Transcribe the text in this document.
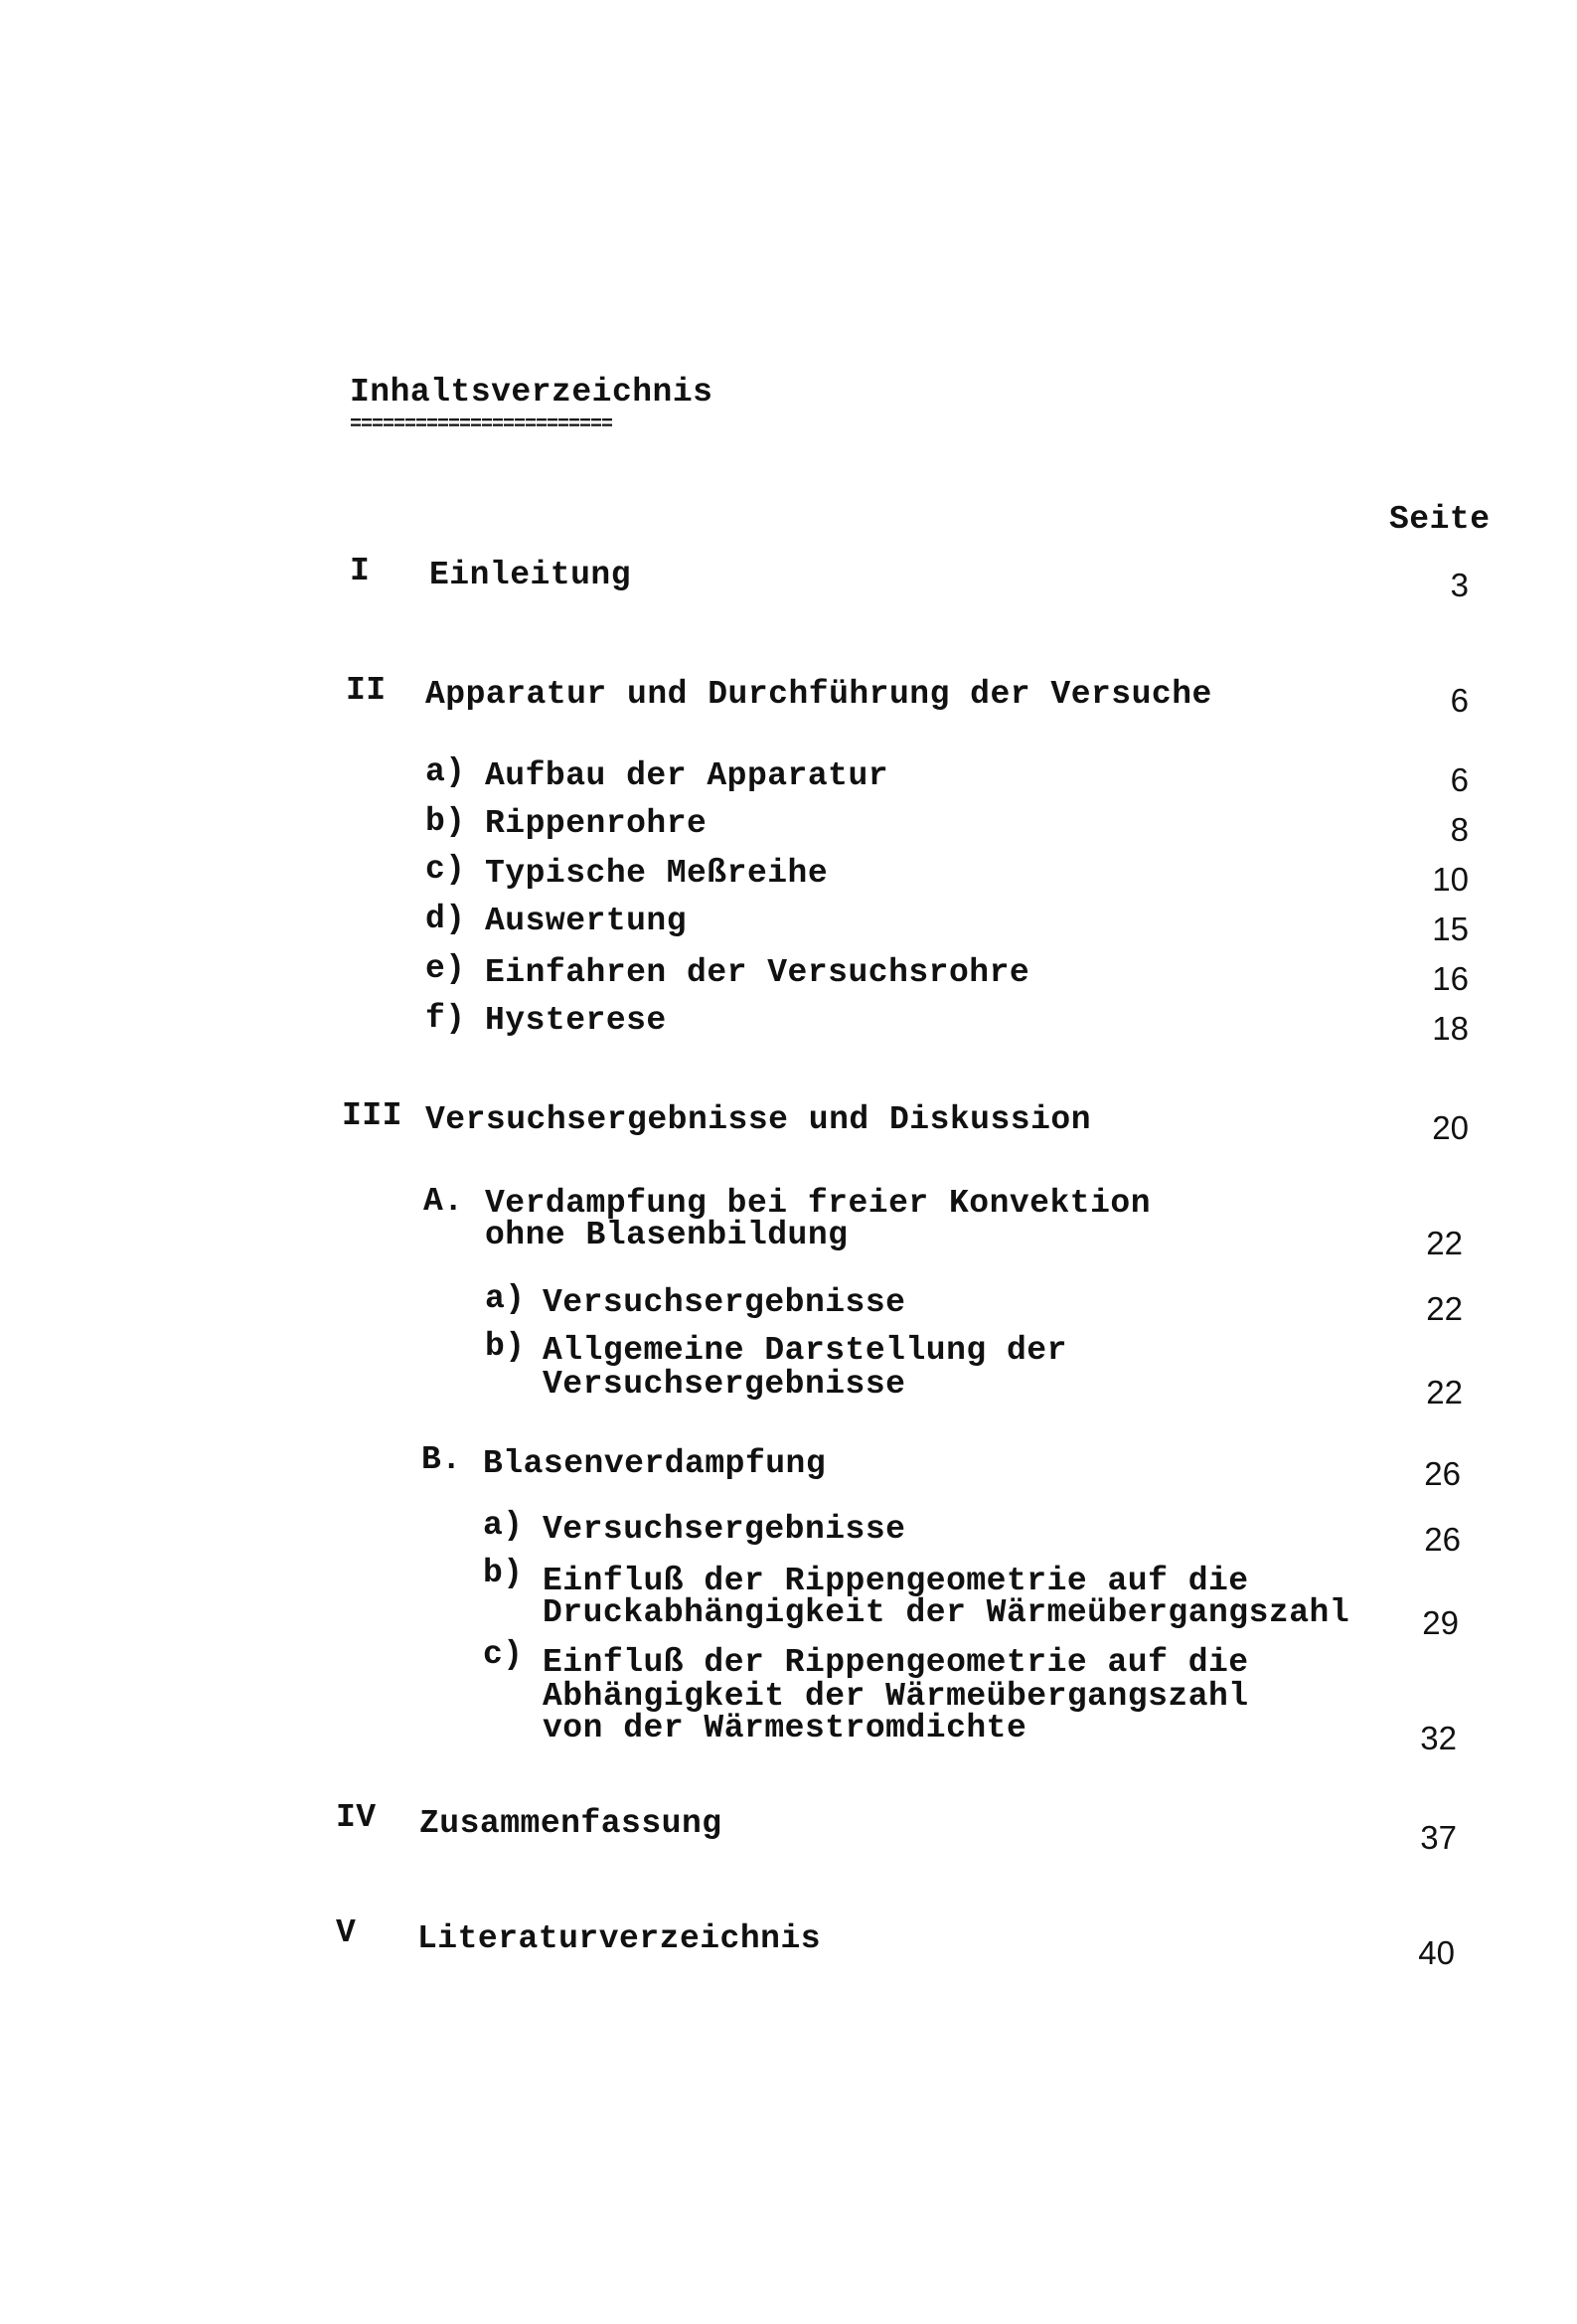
Inhaltsverzeichnis
========================
Seite
I Einleitung	3
II Apparatur und Durchführung der Versuche	6
a) Aufbau der Apparatur	6
b) Rippenrohre	8
c) Typische Meßreihe	10
d) Auswertung	15
e) Einfahren der Versuchsrohre	16
f) Hysterese	18
III Versuchsergebnisse und Diskussion	20
A. Verdampfung bei freier Konvektion
ohne Blasenbildung	22
a) Versuchsergebnisse	22
b) Allgemeine Darstellung der
Versuchsergebnisse	22
B. Blasenverdampfung	26
a) Versuchsergebnisse	26
b) Einfluß der Rippengeometrie auf die
Druckabhängigkeit der Wärmeübergangszahl	29
c) Einfluß der Rippengeometrie auf die
Abhängigkeit der Wärmeübergangszahl
von der Wärmestromdichte	32
IV Zusammenfassung	37
V Literaturverzeichnis	40
